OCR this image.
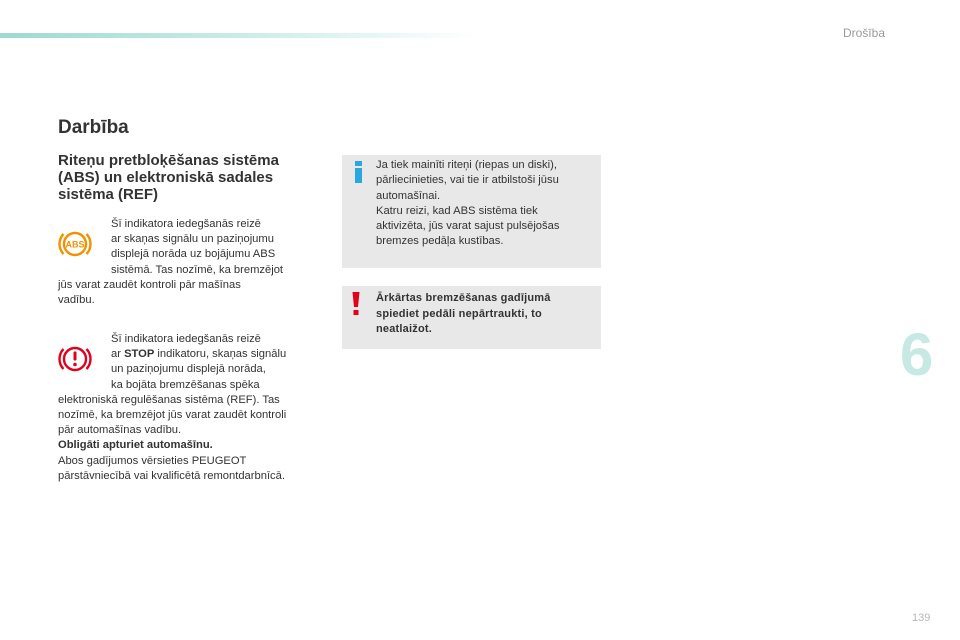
Drošība
Darbība
Riteņu pretbloķēšanas sistēma (ABS) un elektroniskā sadales sistēma (REF)
ABS
Šī indikatora iedegšanās reizē
ar skaņas signālu un paziņojumu
displejā norāda uz bojājumu ABS
sistēmā. Tas nozīmē, ka bremzējot
jūs varat zaudēt kontroli pār mašīnas
vadību.
Šī indikatora iedegšanās reizē
ar STOP indikatoru, skaņas signālu
un paziņojumu displejā norāda,
ka bojāta bremzēšanas spēka
elektroniskā regulēšanas sistēma (REF). Tas
nozīmē, ka bremzējot jūs varat zaudēt kontroli
pār automašīnas vadību.
Obligāti apturiet automašīnu.
Abos gadījumos vērsieties PEUGEOT
pārstāvniecībā vai kvalificētā remontdarbnīcā.
Ja tiek mainīti riteņi (riepas un diski),
pārliecinieties, vai tie ir atbilstoši jūsu
automašīnai.
Katru reizi, kad ABS sistēma tiek
aktivizēta, jūs varat sajust pulsējošas
bremzes pedāļa kustības.
Ārkārtas bremzēšanas gadījumā
spiediet pedāli nepārtraukti, to
neatlaižot.	6
139
